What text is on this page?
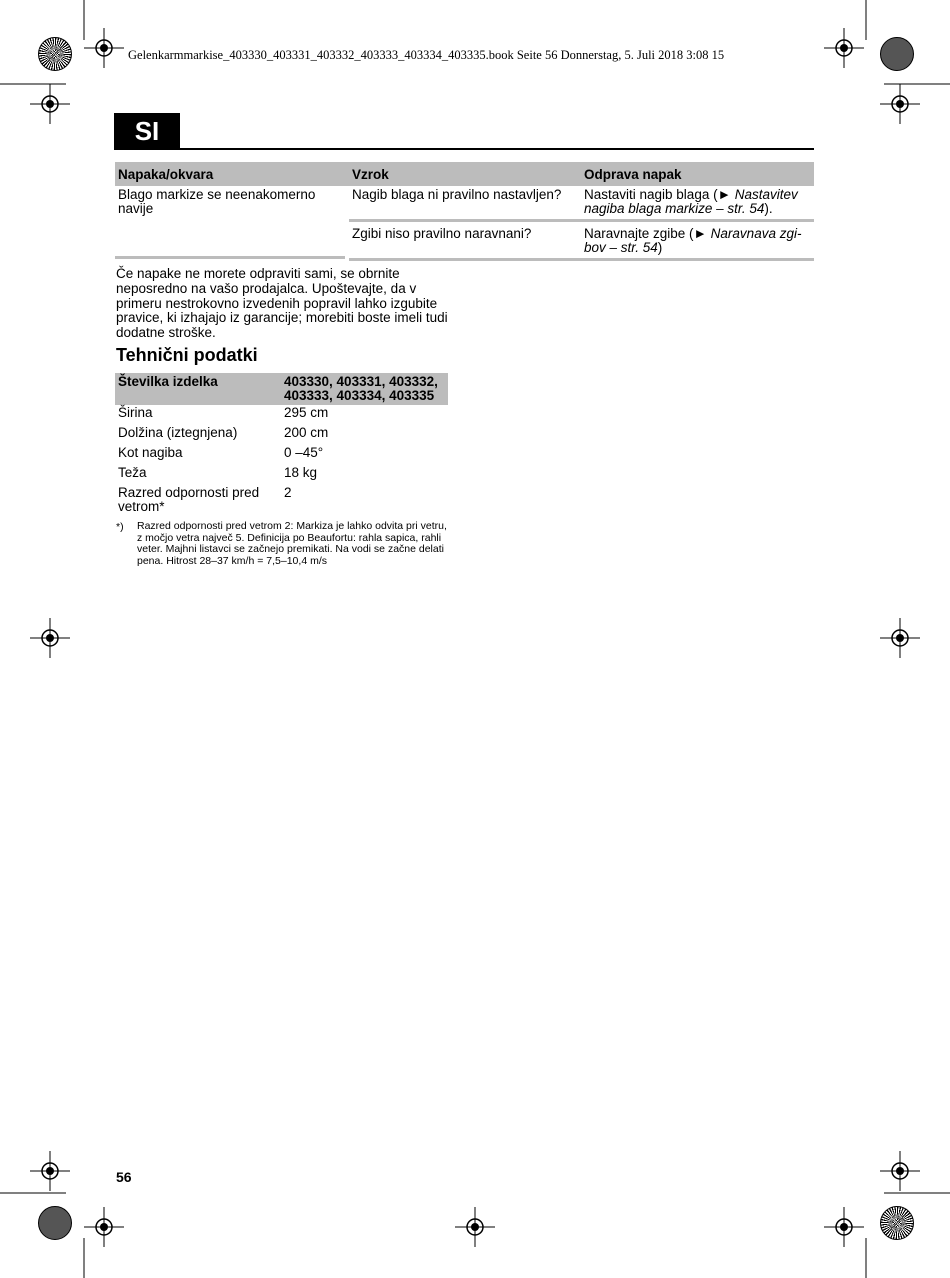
Gelenkarmmarkise_403330_403331_403332_403333_403334_403335.book Seite 56 Donnerstag, 5. Juli 2018 3:08 15
SI
Napaka/okvara	Vzrok	Odprava napak
Blago markize se neenakomerno navije	Nagib blaga ni pravilno nastavljen?	Nastaviti nagib blaga (► Nastavitev nagiba blaga markize – str. 54).
	Zgibi niso pravilno naravnani?	Naravnajte zgibe (► Naravnava zgi-bov – str. 54)
Če napake ne morete odpraviti sami, se obrnite neposredno na vašo prodajalca. Upoštevajte, da v primeru nestrokovno izvedenih popravil lahko izgubite pravice, ki izhajajo iz garancije; morebiti boste imeli tudi dodatne stroške.
Tehnični podatki
Številka izdelka	403330, 403331, 403332, 403333, 403334, 403335
Širina	295 cm
Dolžina (iztegnjena)	200 cm
Kot nagiba	0 –45°
Teža	18 kg
Razred odpornosti pred vetrom*	2
*) Razred odpornosti pred vetrom 2: Markiza je lahko odvita pri vetru, z močjo vetra največ 5. Definicija po Beaufortu: rahla sapica, rahli veter. Majhni listavci se začnejo premikati. Na vodi se začne delati pena. Hitrost 28–37 km/h = 7,5–10,4 m/s
56
